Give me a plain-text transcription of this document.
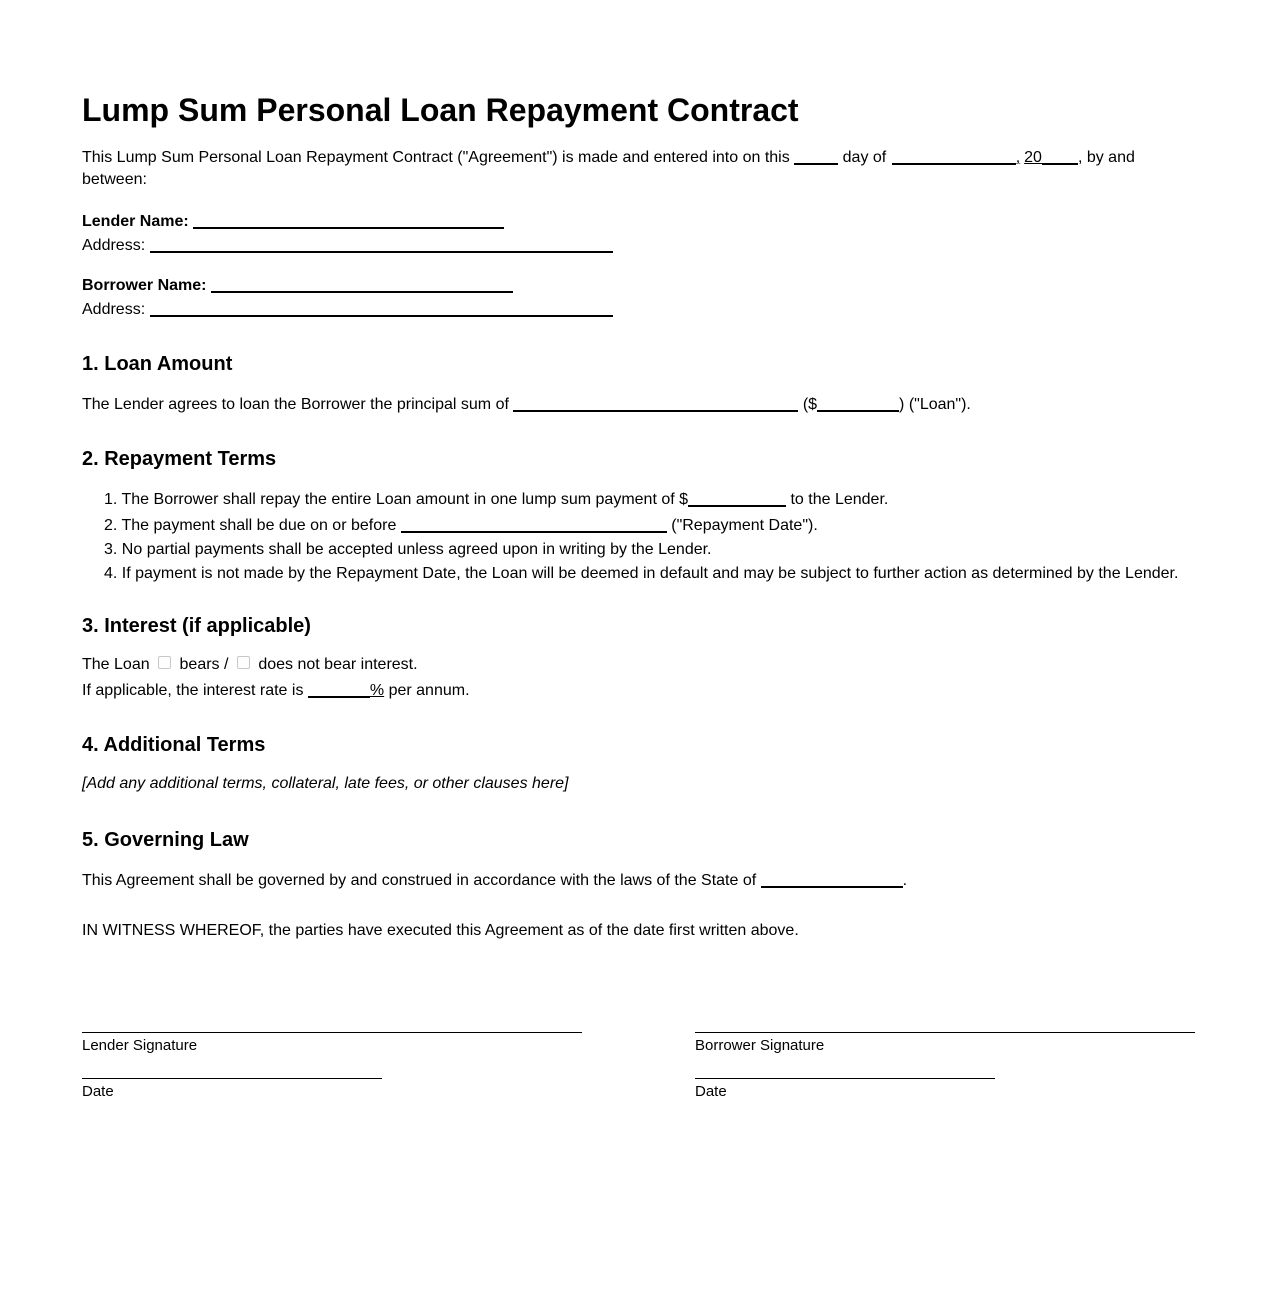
Lump Sum Personal Loan Repayment Contract
This Lump Sum Personal Loan Repayment Contract ("Agreement") is made and entered into on this	day of	, 20 , by and
between:
Lender Name:
Address:
Borrower Name:
Address:
1. Loan Amount
The Lender agrees to loan the Borrower the principal sum of	($	) ("Loan").
2. Repayment Terms
1. The Borrower shall repay the entire Loan amount in one lump sum payment of $	to the Lender.
2. The payment shall be due on or before	("Repayment Date").
3. No partial payments shall be accepted unless agreed upon in writing by the Lender.
4. If payment is not made by the Repayment Date, the Loan will be deemed in default and may be subject to further action as determined by the Lender.
3. Interest (if applicable)
The Loan bears / does not bear interest.
If applicable, the interest rate is	% per annum.
4. Additional Terms
[Add any additional terms, collateral, late fees, or other clauses here]
5. Governing Law
This Agreement shall be governed by and construed in accordance with the laws of the State of	.
IN WITNESS WHEREOF, the parties have executed this Agreement as of the date first written above.
Lender Signature
Date
Borrower Signature
Date
